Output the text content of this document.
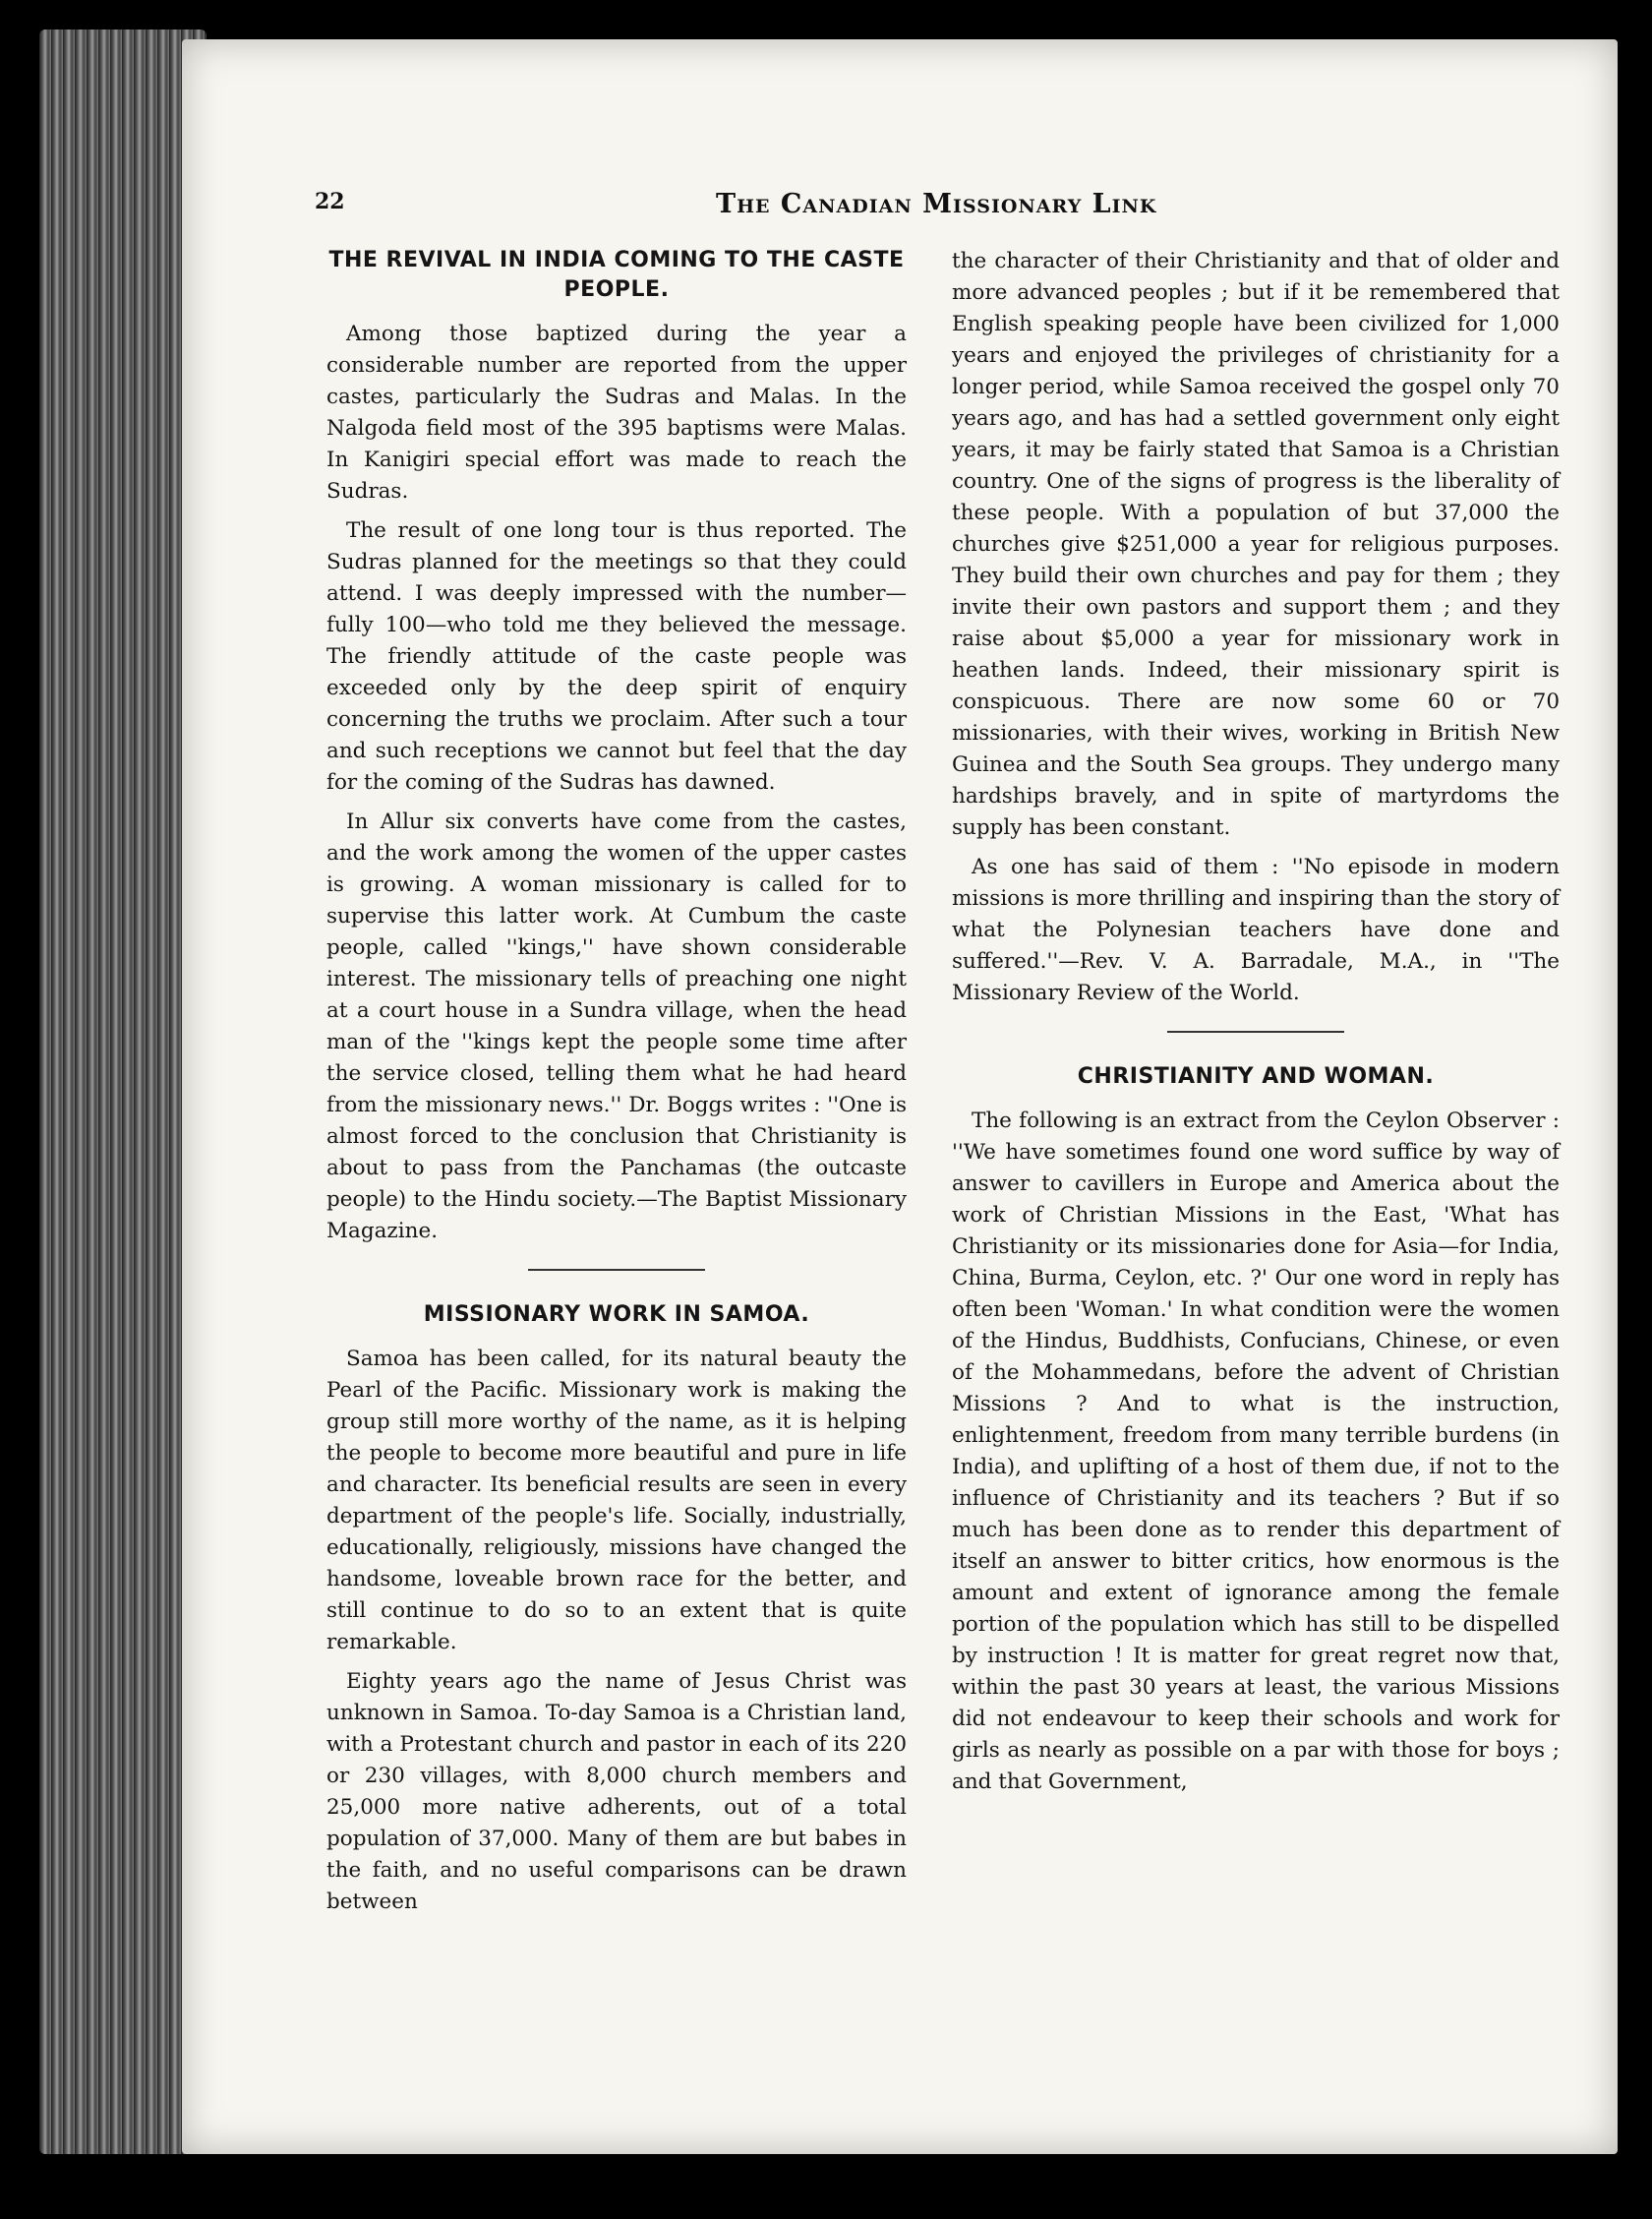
22	The Canadian Missionary Link
THE REVIVAL IN INDIA COMING TO THE CASTE PEOPLE.

Among those baptized during the year a considerable number are reported from the upper castes, particularly the Sudras and Malas. In the Nalgoda field most of the 395 baptisms were Malas. In Kanigiri special effort was made to reach the Sudras.

The result of one long tour is thus reported. The Sudras planned for the meetings so that they could attend. I was deeply impressed with the number—fully 100—who told me they believed the message. The friendly attitude of the caste people was exceeded only by the deep spirit of enquiry concerning the truths we proclaim. After such a tour and such receptions we cannot but feel that the day for the coming of the Sudras has dawned.

In Allur six converts have come from the castes, and the work among the women of the upper castes is growing. A woman missionary is called for to supervise this latter work. At Cumbum the caste people, called ''kings,'' have shown considerable interest. The missionary tells of preaching one night at a court house in a Sundra village, when the head man of the ''kings kept the people some time after the service closed, telling them what he had heard from the missionary news.'' Dr. Boggs writes : ''One is almost forced to the conclusion that Christianity is about to pass from the Panchamas (the outcaste people) to the Hindu society.—The Baptist Missionary Magazine.

MISSIONARY WORK IN SAMOA.

Samoa has been called, for its natural beauty the Pearl of the Pacific. Missionary work is making the group still more worthy of the name, as it is helping the people to become more beautiful and pure in life and character. Its beneficial results are seen in every department of the people's life. Socially, industrially, educationally, religiously, missions have changed the handsome, loveable brown race for the better, and still continue to do so to an extent that is quite remarkable.

Eighty years ago the name of Jesus Christ was unknown in Samoa. To-day Samoa is a Christian land, with a Protestant church and pastor in each of its 220 or 230 villages, with 8,000 church members and 25,000 more native adherents, out of a total population of 37,000. Many of them are but babes in the faith, and no useful comparisons can be drawn between

the character of their Christianity and that of older and more advanced peoples ; but if it be remembered that English speaking people have been civilized for 1,000 years and enjoyed the privileges of christianity for a longer period, while Samoa received the gospel only 70 years ago, and has had a settled government only eight years, it may be fairly stated that Samoa is a Christian country. One of the signs of progress is the liberality of these people. With a population of but 37,000 the churches give $251,000 a year for religious purposes. They build their own churches and pay for them ; they invite their own pastors and support them ; and they raise about $5,000 a year for missionary work in heathen lands. Indeed, their missionary spirit is conspicuous. There are now some 60 or 70 missionaries, with their wives, working in British New Guinea and the South Sea groups. They undergo many hardships bravely, and in spite of martyrdoms the supply has been constant.

As one has said of them : ''No episode in modern missions is more thrilling and inspiring than the story of what the Polynesian teachers have done and suffered.''—Rev. V. A. Barradale, M.A., in ''The Missionary Review of the World.

CHRISTIANITY AND WOMAN.

The following is an extract from the Ceylon Observer : ''We have sometimes found one word suffice by way of answer to cavillers in Europe and America about the work of Christian Missions in the East, 'What has Christianity or its missionaries done for Asia—for India, China, Burma, Ceylon, etc. ?' Our one word in reply has often been 'Woman.' In what condition were the women of the Hindus, Buddhists, Confucians, Chinese, or even of the Mohammedans, before the advent of Christian Missions ? And to what is the instruction, enlightenment, freedom from many terrible burdens (in India), and uplifting of a host of them due, if not to the influence of Christianity and its teachers ? But if so much has been done as to render this department of itself an answer to bitter critics, how enormous is the amount and extent of ignorance among the female portion of the population which has still to be dispelled by instruction ! It is matter for great regret now that, within the past 30 years at least, the various Missions did not endeavour to keep their schools and work for girls as nearly as possible on a par with those for boys ; and that Government,
